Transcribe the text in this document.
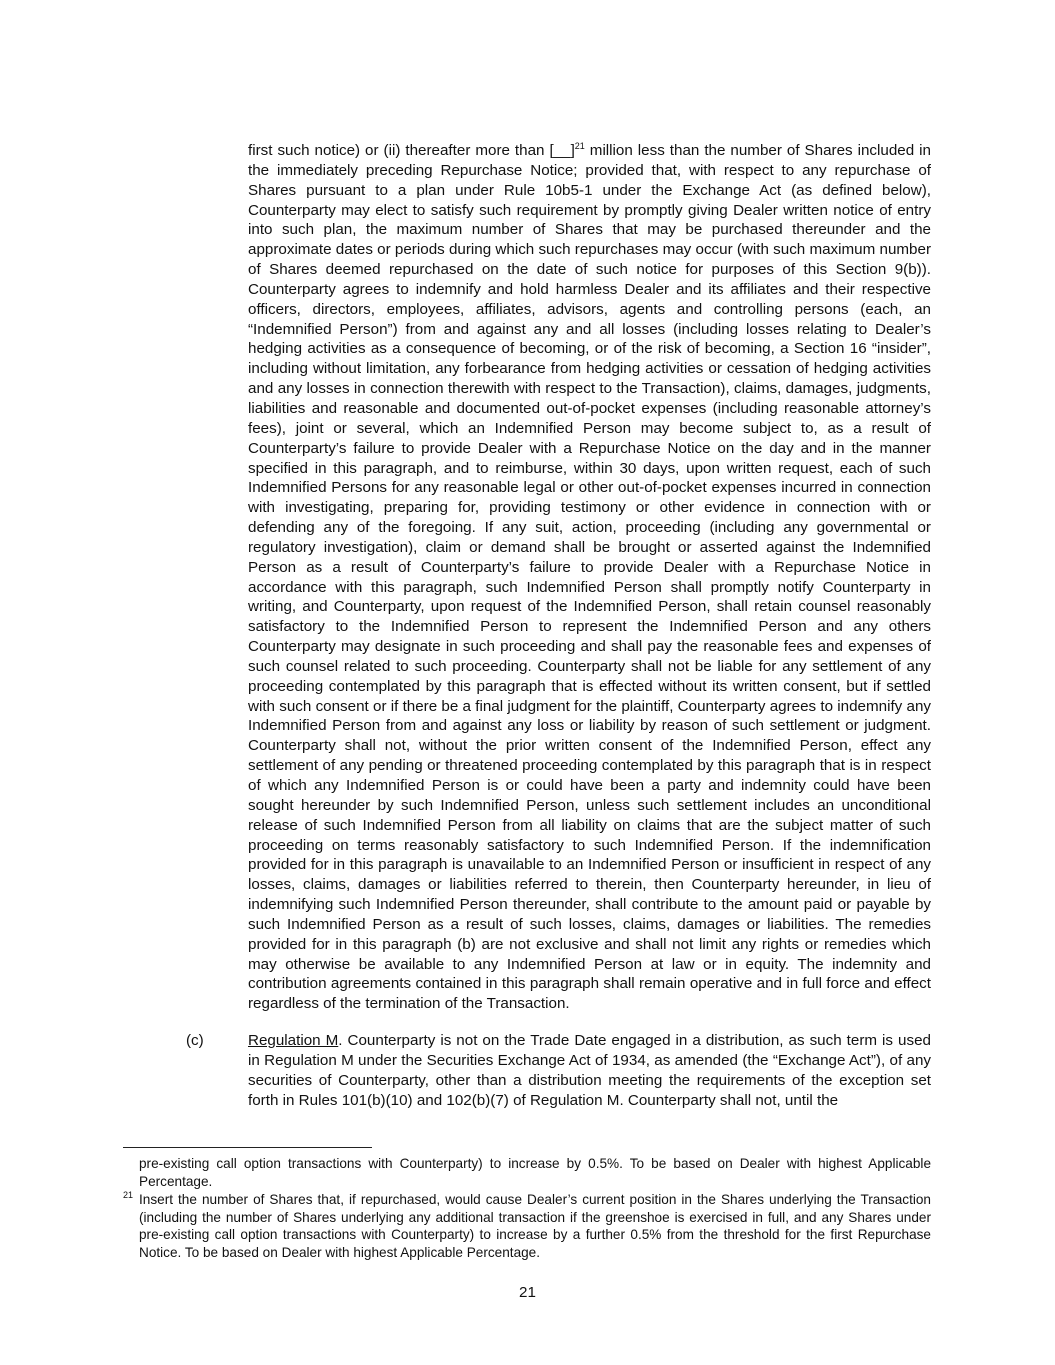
first such notice) or (ii) thereafter more than [__]$^{21}$ million less than the number of Shares included in the immediately preceding Repurchase Notice; provided that, with respect to any repurchase of Shares pursuant to a plan under Rule 10b5-1 under the Exchange Act (as defined below), Counterparty may elect to satisfy such requirement by promptly giving Dealer written notice of entry into such plan, the maximum number of Shares that may be purchased thereunder and the approximate dates or periods during which such repurchases may occur (with such maximum number of Shares deemed repurchased on the date of such notice for purposes of this Section 9(b)). Counterparty agrees to indemnify and hold harmless Dealer and its affiliates and their respective officers, directors, employees, affiliates, advisors, agents and controlling persons (each, an “Indemnified Person”) from and against any and all losses (including losses relating to Dealer’s hedging activities as a consequence of becoming, or of the risk of becoming, a Section 16 “insider”, including without limitation, any forbearance from hedging activities or cessation of hedging activities and any losses in connection therewith with respect to the Transaction), claims, damages, judgments, liabilities and reasonable and documented out-of-pocket expenses (including reasonable attorney’s fees), joint or several, which an Indemnified Person may become subject to, as a result of Counterparty’s failure to provide Dealer with a Repurchase Notice on the day and in the manner specified in this paragraph, and to reimburse, within 30 days, upon written request, each of such Indemnified Persons for any reasonable legal or other out-of-pocket expenses incurred in connection with investigating, preparing for, providing testimony or other evidence in connection with or defending any of the foregoing. If any suit, action, proceeding (including any governmental or regulatory investigation), claim or demand shall be brought or asserted against the Indemnified Person as a result of Counterparty’s failure to provide Dealer with a Repurchase Notice in accordance with this paragraph, such Indemnified Person shall promptly notify Counterparty in writing, and Counterparty, upon request of the Indemnified Person, shall retain counsel reasonably satisfactory to the Indemnified Person to represent the Indemnified Person and any others Counterparty may designate in such proceeding and shall pay the reasonable fees and expenses of such counsel related to such proceeding. Counterparty shall not be liable for any settlement of any proceeding contemplated by this paragraph that is effected without its written consent, but if settled with such consent or if there be a final judgment for the plaintiff, Counterparty agrees to indemnify any Indemnified Person from and against any loss or liability by reason of such settlement or judgment. Counterparty shall not, without the prior written consent of the Indemnified Person, effect any settlement of any pending or threatened proceeding contemplated by this paragraph that is in respect of which any Indemnified Person is or could have been a party and indemnity could have been sought hereunder by such Indemnified Person, unless such settlement includes an unconditional release of such Indemnified Person from all liability on claims that are the subject matter of such proceeding on terms reasonably satisfactory to such Indemnified Person. If the indemnification provided for in this paragraph is unavailable to an Indemnified Person or insufficient in respect of any losses, claims, damages or liabilities referred to therein, then Counterparty hereunder, in lieu of indemnifying such Indemnified Person thereunder, shall contribute to the amount paid or payable by such Indemnified Person as a result of such losses, claims, damages or liabilities. The remedies provided for in this paragraph (b) are not exclusive and shall not limit any rights or remedies which may otherwise be available to any Indemnified Person at law or in equity. The indemnity and contribution agreements contained in this paragraph shall remain operative and in full force and effect regardless of the termination of the Transaction.

(c)	Regulation M. Counterparty is not on the Trade Date engaged in a distribution, as such term is used in Regulation M under the Securities Exchange Act of 1934, as amended (the “Exchange Act”), of any securities of Counterparty, other than a distribution meeting the requirements of the exception set forth in Rules 101(b)(10) and 102(b)(7) of Regulation M. Counterparty shall not, until the

pre-existing call option transactions with Counterparty) to increase by 0.5%. To be based on Dealer with highest Applicable Percentage.

21 Insert the number of Shares that, if repurchased, would cause Dealer’s current position in the Shares underlying the Transaction (including the number of Shares underlying any additional transaction if the greenshoe is exercised in full, and any Shares under pre-existing call option transactions with Counterparty) to increase by a further 0.5% from the threshold for the first Repurchase Notice. To be based on Dealer with highest Applicable Percentage.

21
